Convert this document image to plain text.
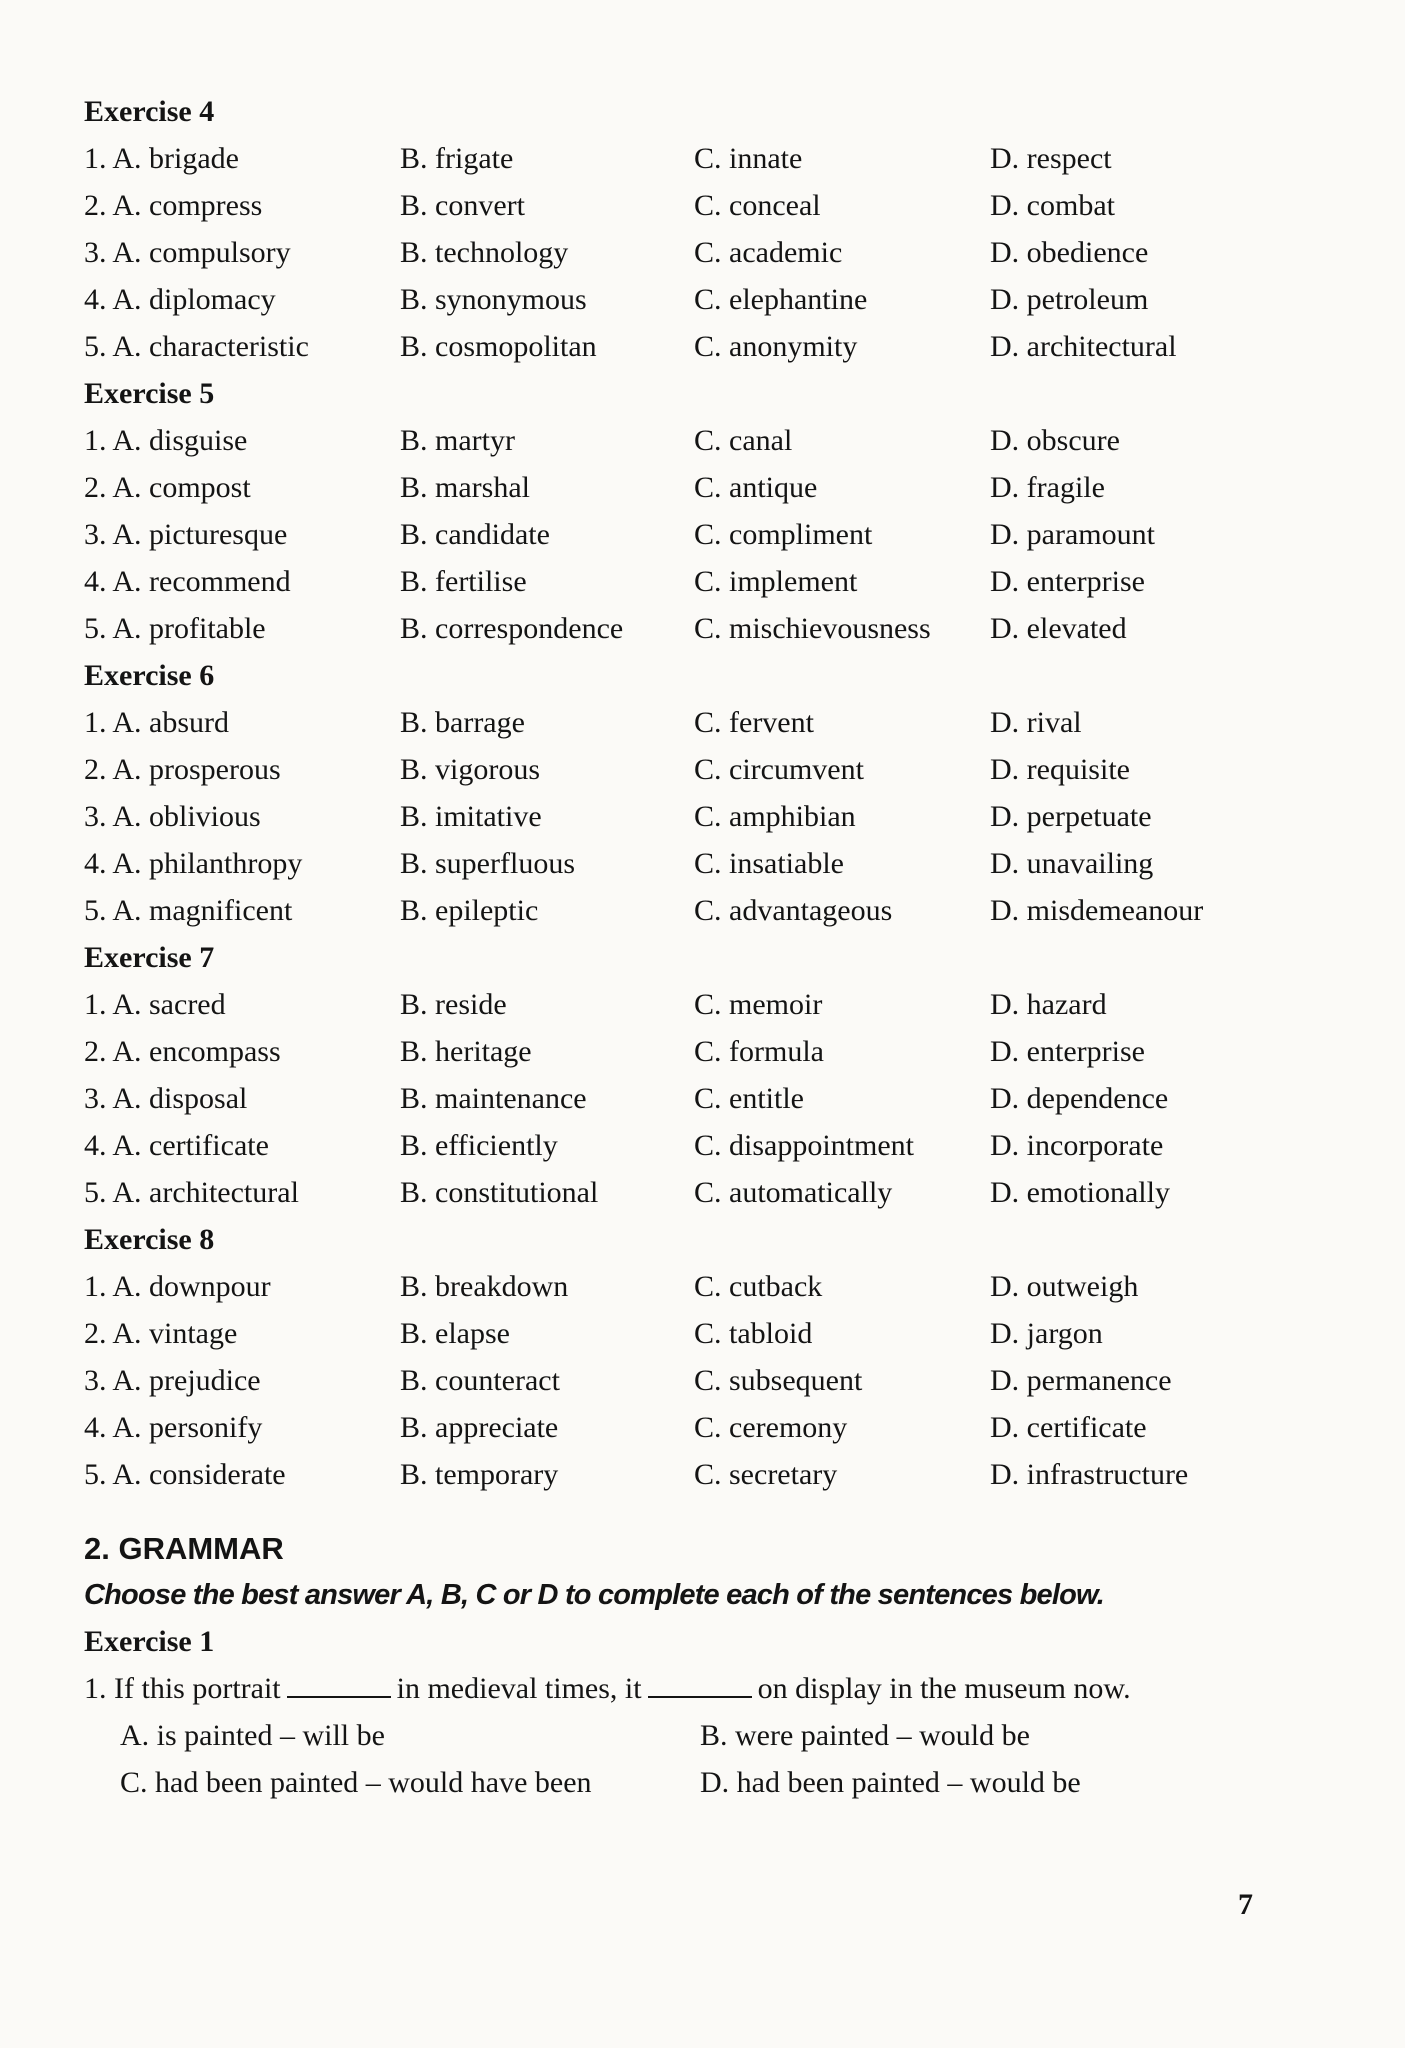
Exercise 4
1. A. brigade	B. frigate	C. innate	D. respect
2. A. compress	B. convert	C. conceal	D. combat
3. A. compulsory	B. technology	C. academic	D. obedience
4. A. diplomacy	B. synonymous	C. elephantine	D. petroleum
5. A. characteristic	B. cosmopolitan	C. anonymity	D. architectural
Exercise 5
1. A. disguise	B. martyr	C. canal	D. obscure
2. A. compost	B. marshal	C. antique	D. fragile
3. A. picturesque	B. candidate	C. compliment	D. paramount
4. A. recommend	B. fertilise	C. implement	D. enterprise
5. A. profitable	B. correspondence	C. mischievousness	D. elevated
Exercise 6
1. A. absurd	B. barrage	C. fervent	D. rival
2. A. prosperous	B. vigorous	C. circumvent	D. requisite
3. A. oblivious	B. imitative	C. amphibian	D. perpetuate
4. A. philanthropy	B. superfluous	C. insatiable	D. unavailing
5. A. magnificent	B. epileptic	C. advantageous	D. misdemeanour
Exercise 7
1. A. sacred	B. reside	C. memoir	D. hazard
2. A. encompass	B. heritage	C. formula	D. enterprise
3. A. disposal	B. maintenance	C. entitle	D. dependence
4. A. certificate	B. efficiently	C. disappointment	D. incorporate
5. A. architectural	B. constitutional	C. automatically	D. emotionally
Exercise 8
1. A. downpour	B. breakdown	C. cutback	D. outweigh
2. A. vintage	B. elapse	C. tabloid	D. jargon
3. A. prejudice	B. counteract	C. subsequent	D. permanence
4. A. personify	B. appreciate	C. ceremony	D. certificate
5. A. considerate	B. temporary	C. secretary	D. infrastructure
2. GRAMMAR
Choose the best answer A, B, C or D to complete each of the sentences below.
Exercise 1
1. If this portrait	in medieval times, it	on display in the museum now.
A. is painted – will be	B. were painted – would be
C. had been painted – would have been	D. had been painted – would be
7
